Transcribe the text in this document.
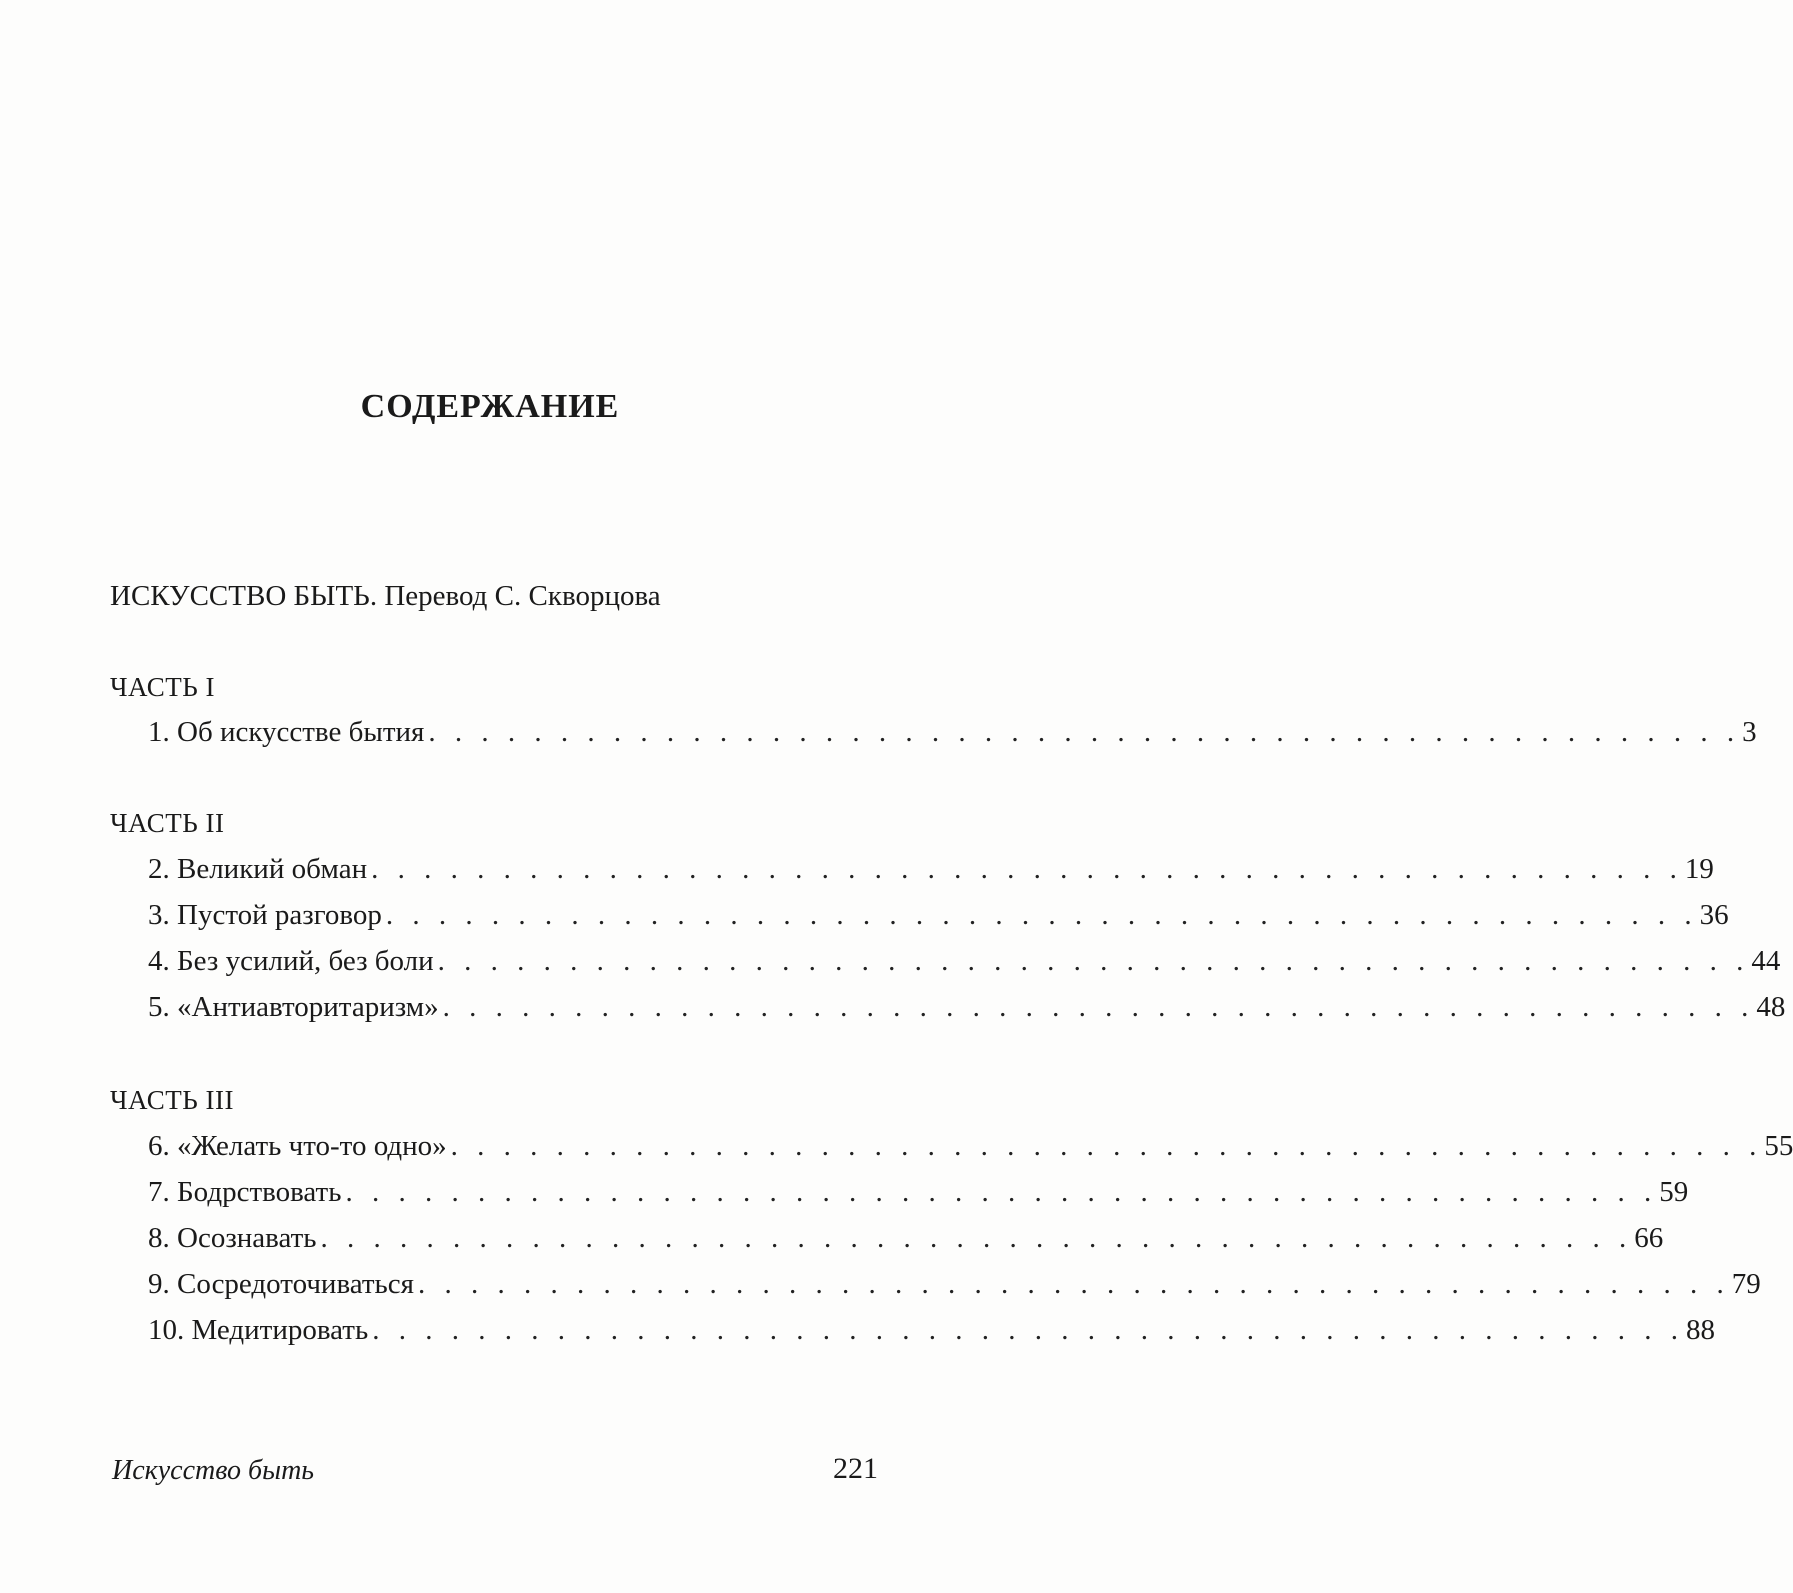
СОДЕРЖАНИЕ
ИСКУССТВО БЫТЬ. Перевод С. Скворцова
ЧАСТЬ I
1. Об искусстве бытия . . . . . . . . . . . . . . . . . . . . . . . . . . . . . . . . . . . . . . . . . . . . . . . . . . 3
ЧАСТЬ II
2. Великий обман . . . . . . . . . . . . . . . . . . . . . . . . . . . . . . . . . . . . . . . . . . . . . . . . . . 19
3. Пустой разговор . . . . . . . . . . . . . . . . . . . . . . . . . . . . . . . . . . . . . . . . . . . . . . . . . . 36
4. Без усилий, без боли . . . . . . . . . . . . . . . . . . . . . . . . . . . . . . . . . . . . . . . . . . . . . . . . . . 44
5. «Антиавторитаризм» . . . . . . . . . . . . . . . . . . . . . . . . . . . . . . . . . . . . . . . . . . . . . . . . . . 48
ЧАСТЬ III
6. «Желать что-то одно» . . . . . . . . . . . . . . . . . . . . . . . . . . . . . . . . . . . . . . . . . . . . . . . . . . 55
7. Бодрствовать . . . . . . . . . . . . . . . . . . . . . . . . . . . . . . . . . . . . . . . . . . . . . . . . . . 59
8. Осознавать . . . . . . . . . . . . . . . . . . . . . . . . . . . . . . . . . . . . . . . . . . . . . . . . . . 66
9. Сосредоточиваться . . . . . . . . . . . . . . . . . . . . . . . . . . . . . . . . . . . . . . . . . . . . . . . . . . 79
10. Медитировать . . . . . . . . . . . . . . . . . . . . . . . . . . . . . . . . . . . . . . . . . . . . . . . . . . 88
Искусство быть	221
